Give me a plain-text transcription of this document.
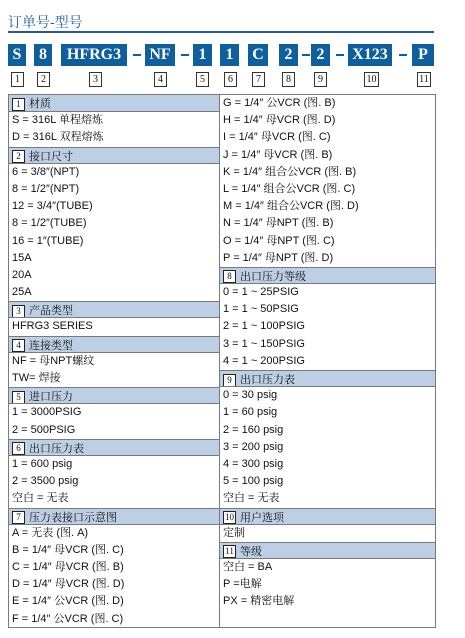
订单号-型号
S	8	HFRG3	NF	1	1	C	2	2	X123	P
1	2	3	4	5	6	7	8	9	10	11
1 材质
S = 316L 单程熔炼
D = 316L 双程熔炼
2 接口尺寸
6 = 3/8″(NPT)
8 = 1/2″(NPT)
12 = 3/4″(TUBE)
8 = 1/2″(TUBE)
16 = 1″(TUBE)
15A
20A
25A
3 产品类型
HFRG3 SERIES
4 连接类型
NF = 母NPT螺纹
TW= 焊接
5 进口压力
1 = 3000PSIG
2 = 500PSIG
6 出口压力表
1 = 600 psig
2 = 3500 psig
空白 = 无表
7 压力表接口示意图
A = 无表 (图. A)
B = 1/4″ 母VCR (图. C)
C = 1/4″ 母VCR (图. B)
D = 1/4″ 母VCR (图. D)
E = 1/4″ 公VCR (图. D)
F = 1/4″ 公VCR (图. C)
G = 1/4″ 公VCR (图. B)
H = 1/4″ 母VCR (图. D)
I = 1/4″ 母VCR (图. C)
J = 1/4″ 母VCR (图. B)
K = 1/4″ 组合公VCR (图. B)
L = 1/4″ 组合公VCR (图. C)
M = 1/4″ 组合公VCR (图. D)
N = 1/4″ 母NPT (图. B)
O = 1/4″ 母NPT (图. C)
P = 1/4″ 母NPT (图. D)
8 出口压力等级
0 = 1 ~ 25PSIG
1 = 1 ~ 50PSIG
2 = 1 ~ 100PSIG
3 = 1 ~ 150PSIG
4 = 1 ~ 200PSIG
9 出口压力表
0 = 30 psig
1 = 60 psig
2 = 160 psig
3 = 200 psig
4 = 300 psig
5 = 100 psig
空白 = 无表
10 用户选项
定制
11 等级
空白 = BA
P =电解
PX = 精密电解
